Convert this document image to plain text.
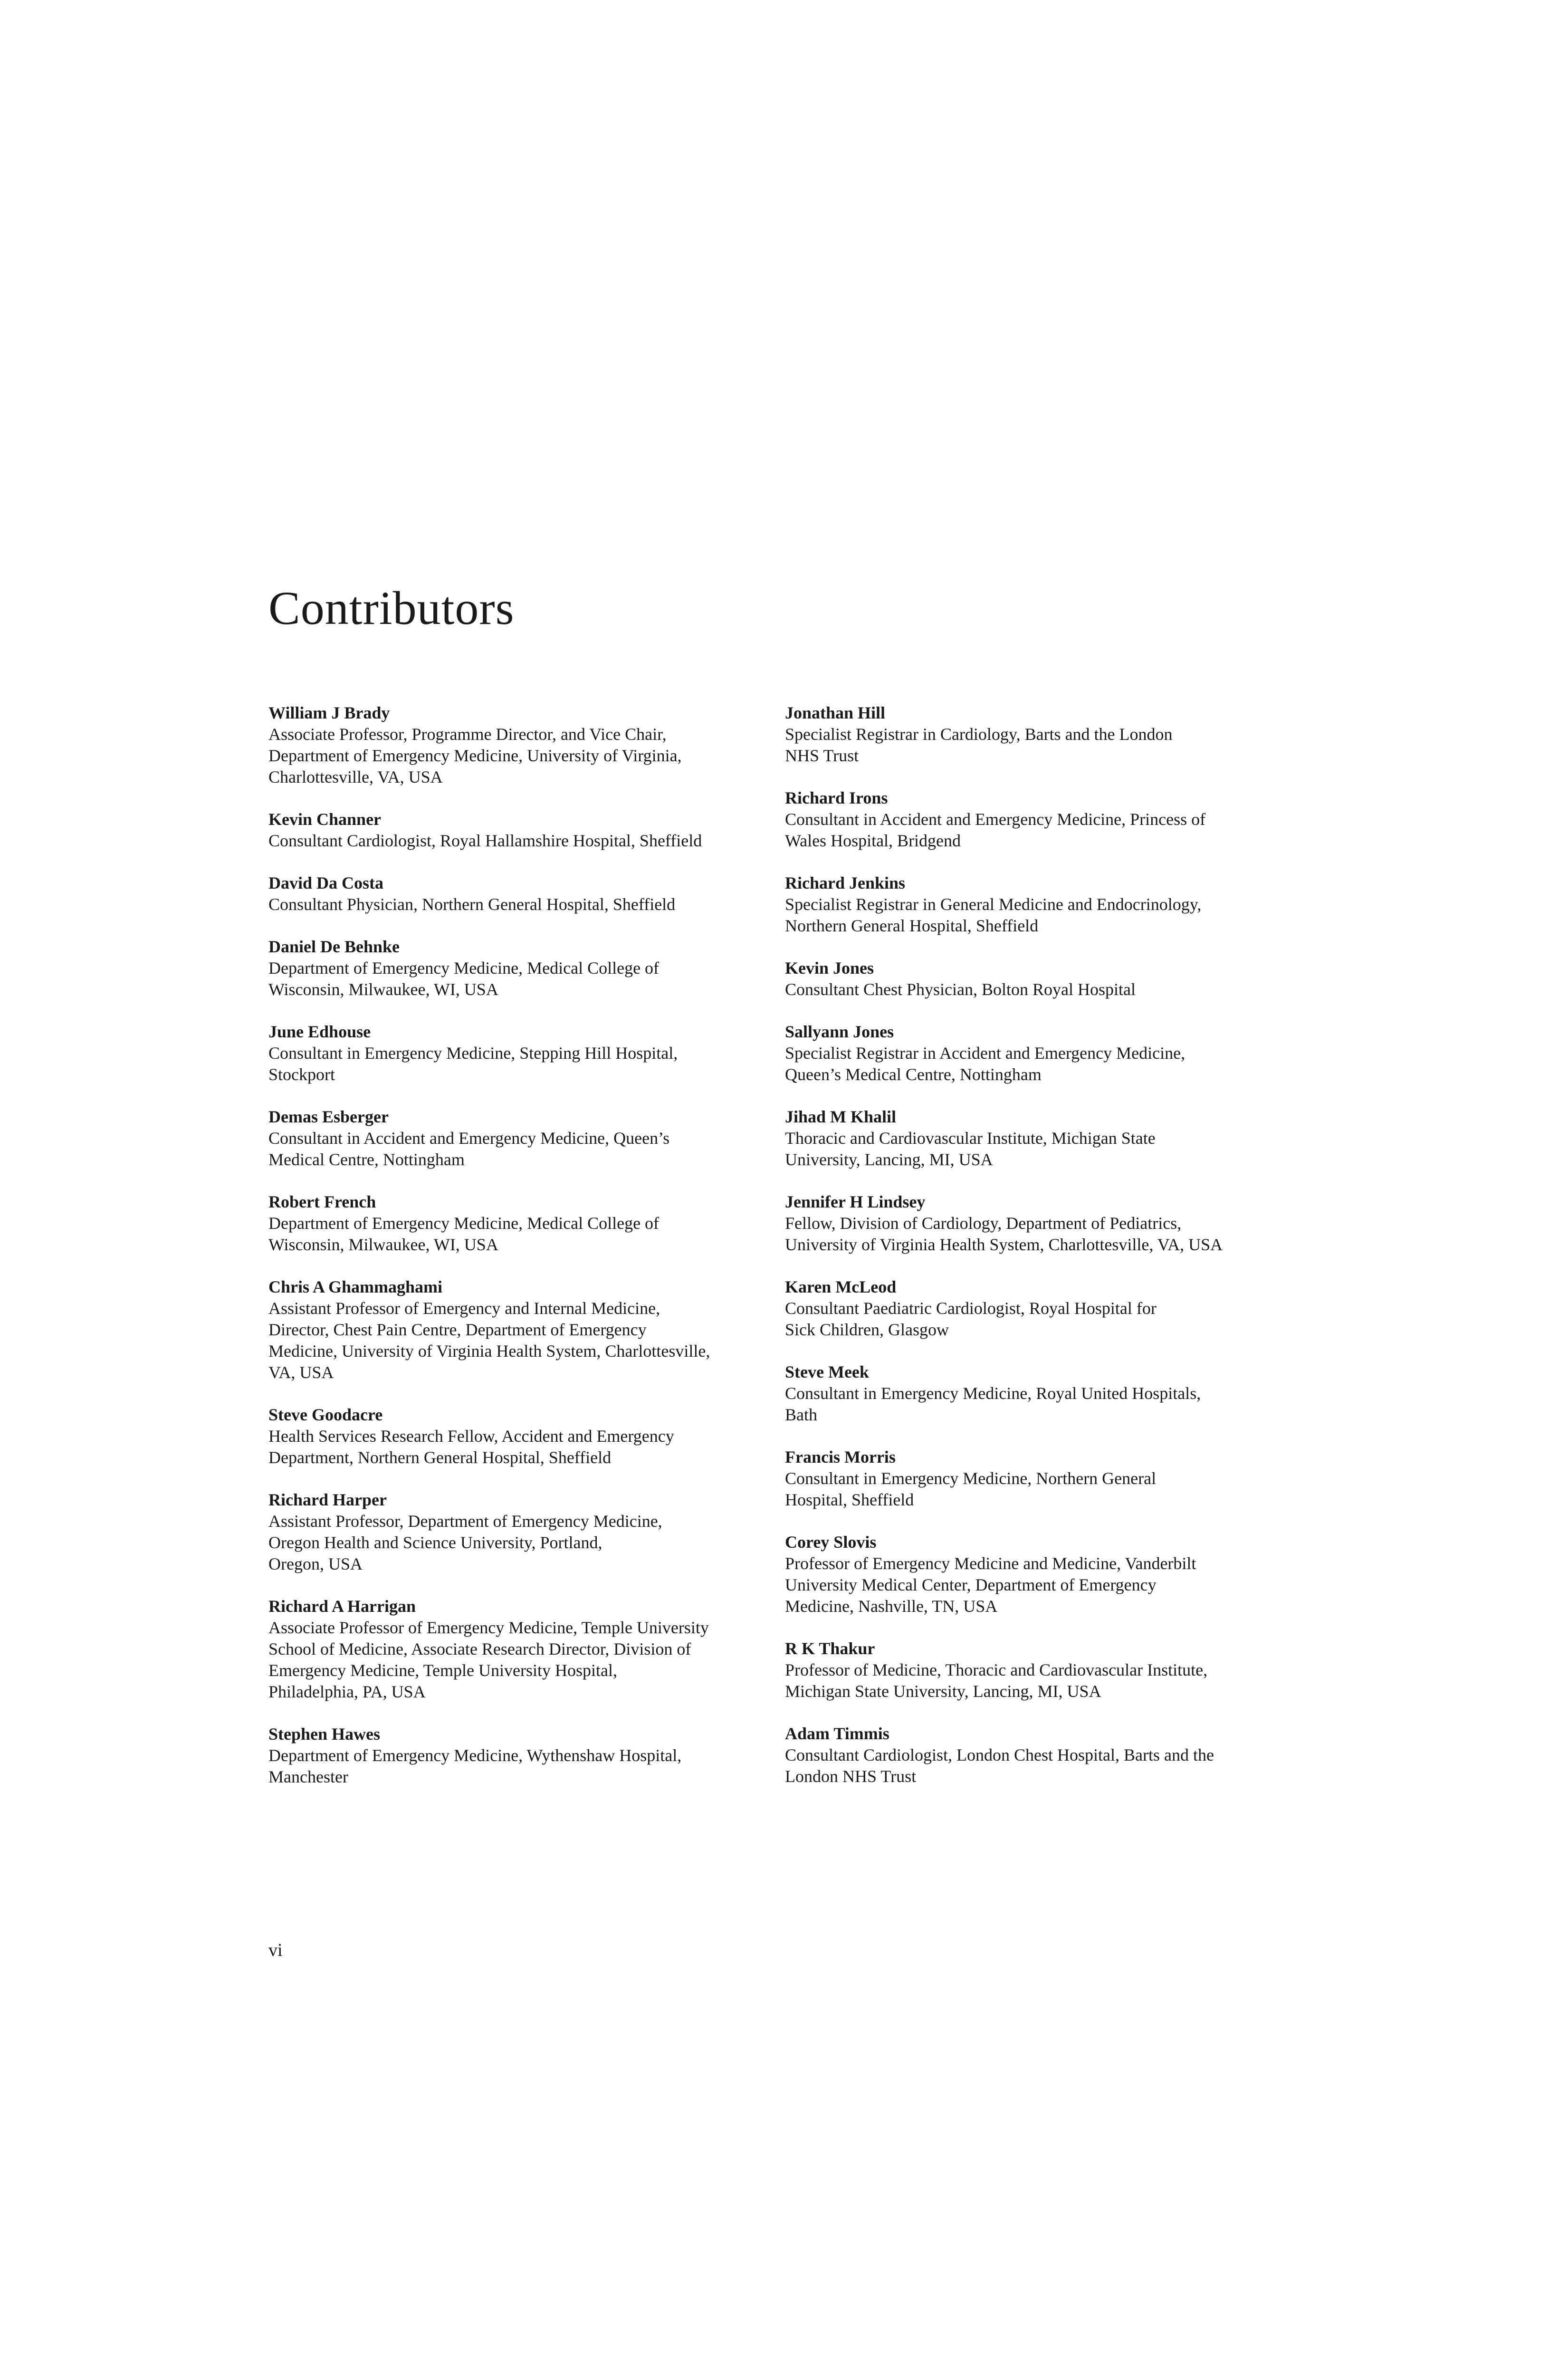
Contributors
William J Brady
Associate Professor, Programme Director, and Vice Chair,
Department of Emergency Medicine, University of Virginia,
Charlottesville, VA, USA
Kevin Channer
Consultant Cardiologist, Royal Hallamshire Hospital, Sheffield
David Da Costa
Consultant Physician, Northern General Hospital, Sheffield
Daniel De Behnke
Department of Emergency Medicine, Medical College of
Wisconsin, Milwaukee, WI, USA
June Edhouse
Consultant in Emergency Medicine, Stepping Hill Hospital,
Stockport
Demas Esberger
Consultant in Accident and Emergency Medicine, Queen’s
Medical Centre, Nottingham
Robert French
Department of Emergency Medicine, Medical College of
Wisconsin, Milwaukee, WI, USA
Chris A Ghammaghami
Assistant Professor of Emergency and Internal Medicine,
Director, Chest Pain Centre, Department of Emergency
Medicine, University of Virginia Health System, Charlottesville,
VA, USA
Steve Goodacre
Health Services Research Fellow, Accident and Emergency
Department, Northern General Hospital, Sheffield
Richard Harper
Assistant Professor, Department of Emergency Medicine,
Oregon Health and Science University, Portland,
Oregon, USA
Richard A Harrigan
Associate Professor of Emergency Medicine, Temple University
School of Medicine, Associate Research Director, Division of
Emergency Medicine, Temple University Hospital,
Philadelphia, PA, USA
Stephen Hawes
Department of Emergency Medicine, Wythenshaw Hospital,
Manchester
Jonathan Hill
Specialist Registrar in Cardiology, Barts and the London
NHS Trust
Richard Irons
Consultant in Accident and Emergency Medicine, Princess of
Wales Hospital, Bridgend
Richard Jenkins
Specialist Registrar in General Medicine and Endocrinology,
Northern General Hospital, Sheffield
Kevin Jones
Consultant Chest Physician, Bolton Royal Hospital
Sallyann Jones
Specialist Registrar in Accident and Emergency Medicine,
Queen’s Medical Centre, Nottingham
Jihad M Khalil
Thoracic and Cardiovascular Institute, Michigan State
University, Lancing, MI, USA
Jennifer H Lindsey
Fellow, Division of Cardiology, Department of Pediatrics,
University of Virginia Health System, Charlottesville, VA, USA
Karen McLeod
Consultant Paediatric Cardiologist, Royal Hospital for
Sick Children, Glasgow
Steve Meek
Consultant in Emergency Medicine, Royal United Hospitals,
Bath
Francis Morris
Consultant in Emergency Medicine, Northern General
Hospital, Sheffield
Corey Slovis
Professor of Emergency Medicine and Medicine, Vanderbilt
University Medical Center, Department of Emergency
Medicine, Nashville, TN, USA
R K Thakur
Professor of Medicine, Thoracic and Cardiovascular Institute,
Michigan State University, Lancing, MI, USA
Adam Timmis
Consultant Cardiologist, London Chest Hospital, Barts and the
London NHS Trust
vi
